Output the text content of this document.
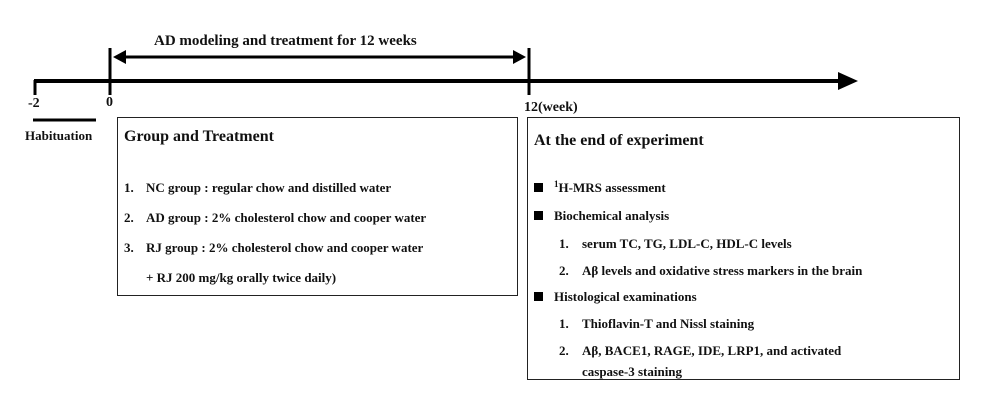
AD modeling and treatment for 12 weeks
-2	0	12(week)
Habituation Group and Treatment
1. NC group : regular chow and distilled water
2. AD group : 2% cholesterol chow and cooper water
3. RJ group : 2% cholesterol chow and cooper water
+ RJ 200 mg/kg orally twice daily)
At the end of experiment
$^1$H-MRS assessment
Biochemical analysis
1. serum TC, TG, LDL-C, HDL-C levels
2. Aβ levels and oxidative stress markers in the brain
Histological examinations
1. Thioflavin-T and Nissl staining
2. Aβ, BACE1, RAGE, IDE, LRP1, and activated
caspase-3 staining
